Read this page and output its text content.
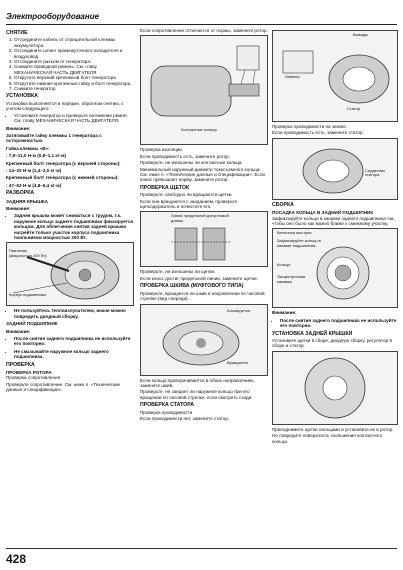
Электрооборудование
СНЯТИЕ
1. Отсоедините кабель от отрицательной клеммы аккумулятора.
2. Отсоедините шланг промежуточного охладителя и воздуховод.
3. Отсоедините разъем от генератора.
4. Снимите приводной ремень. См. главу МЕХАНИЧЕСКАЯ ЧАСТЬ ДВИГАТЕЛЯ.
5. Открутите верхний крепежный болт генератора.
6. Открутите нижние крепежные гайку и болт генератора.
7. Снимите генератор.
УСТАНОВКА
Установка выполняется в порядке, обратном снятию, с учетом следующего:
• Установите генератор и проверьте натяжение ремня. См. главу МЕХАНИЧЕСКАЯ ЧАСТЬ ДВИГАТЕЛЯ.
Внимание:
Затягивайте гайку клеммы 1 генератора с осторожностью.
Гайка клеммы «B»:
: 7,9–11,0 Н·м (0,8–1,1 кг·м)
Крепежный болт генератора (с верхней стороны):
: 14–20 Н·м (1,4–2,0 кг·м)
Крепежный болт генератора (с нижней стороны):
: 47–63 Н·м (4,8–6,4 кг·м)
РАЗБОРКА
ЗАДНЯЯ КРЫШКА
Внимание:
• Задняя крышка может сниматься с трудом, т.к. наружное кольцо заднего подшипника фиксируется кольцом. Для облегчения снятия задней крышки нагрейте только участок корпуса подшипника паяльником мощностью 200 Вт.
Паяльник (мощностью 200 Вт)
Корпус подшипника
• Не пользуйтесь теплоизлучателем, иначе можно повредить диодный сборку.
ЗАДНИЙ ПОДШИПНИК
Внимание:
• После снятия заднего подшипника не используйте его повторно.
• Не смазывайте наружное кольцо заднего подшипника.
ПРОВЕРКА
ПРОВЕРКА РОТОРА
Проверка сопротивления
Проверьте сопротивление. См. ниже п. «Технические данные и спецификации».
Если сопротивление отличается от нормы, замените ротор.
Контактные кольца
Проверка изоляции
Если проводимость есть, замените ротор.
Проверьте, не изношены ли контактные кольца.
Минимальный наружный диаметр токосъемного кольца: См. ниже п. «Технические данные и спецификации». Если износ превышает норму, замените ротор.
ПРОВЕРКА ЩЕТОК
Проверьте, свободно ли вращаются щетки.
Если они вращаются с заеданием, проверьте щеткодержатель и почистите его.
Линия предельной допустимой длины
Проверьте, не изношены ли щетки.
Если износ достиг предельной линии, замените щетки.
ПРОВЕРКА ШКИВА (МУФТОВОГО ТИПА)
Проверьте, вращается ли шкив в направлении по часовой стрелке (вид спереди).
Блокируется
Вращается
Если кольцо проворачивается в обоих направлениях, замените шкив.
Проверьте, не заедает ли наружное кольцо при его вращении по часовой стрелке, если смотреть сзади.
ПРОВЕРКА СТАТОРА
Проверка проводимости
Если проводимости нет, замените статор.
Выводы
Омметр
Статор
Проверка проводимости на землю
Если проводимость есть, замените статор.
Сердечник статора
СБОРКА
ПОСАДКА КОЛЬЦА В ЗАДНИЙ ПОДШИПНИК
Зафиксируйте кольцо в канавке заднего подшипника так, чтобы оно было как можно ближе к смежному участку.
Величина выступа
Зафиксируйте кольцо в канавке подшипника
Кольцо
Эксцентричная канавка
Внимание:
• После снятия заднего подшипника не используйте его повторно.
УСТАНОВКА ЗАДНЕЙ КРЫШКИ
Установите щетки в сборе, диодную сборку, регулятор в сборе и статор.
Приподнимите щетки пальцами и установите их в ротор.
Не повредите поверхность скольжения контактного кольца.
428
